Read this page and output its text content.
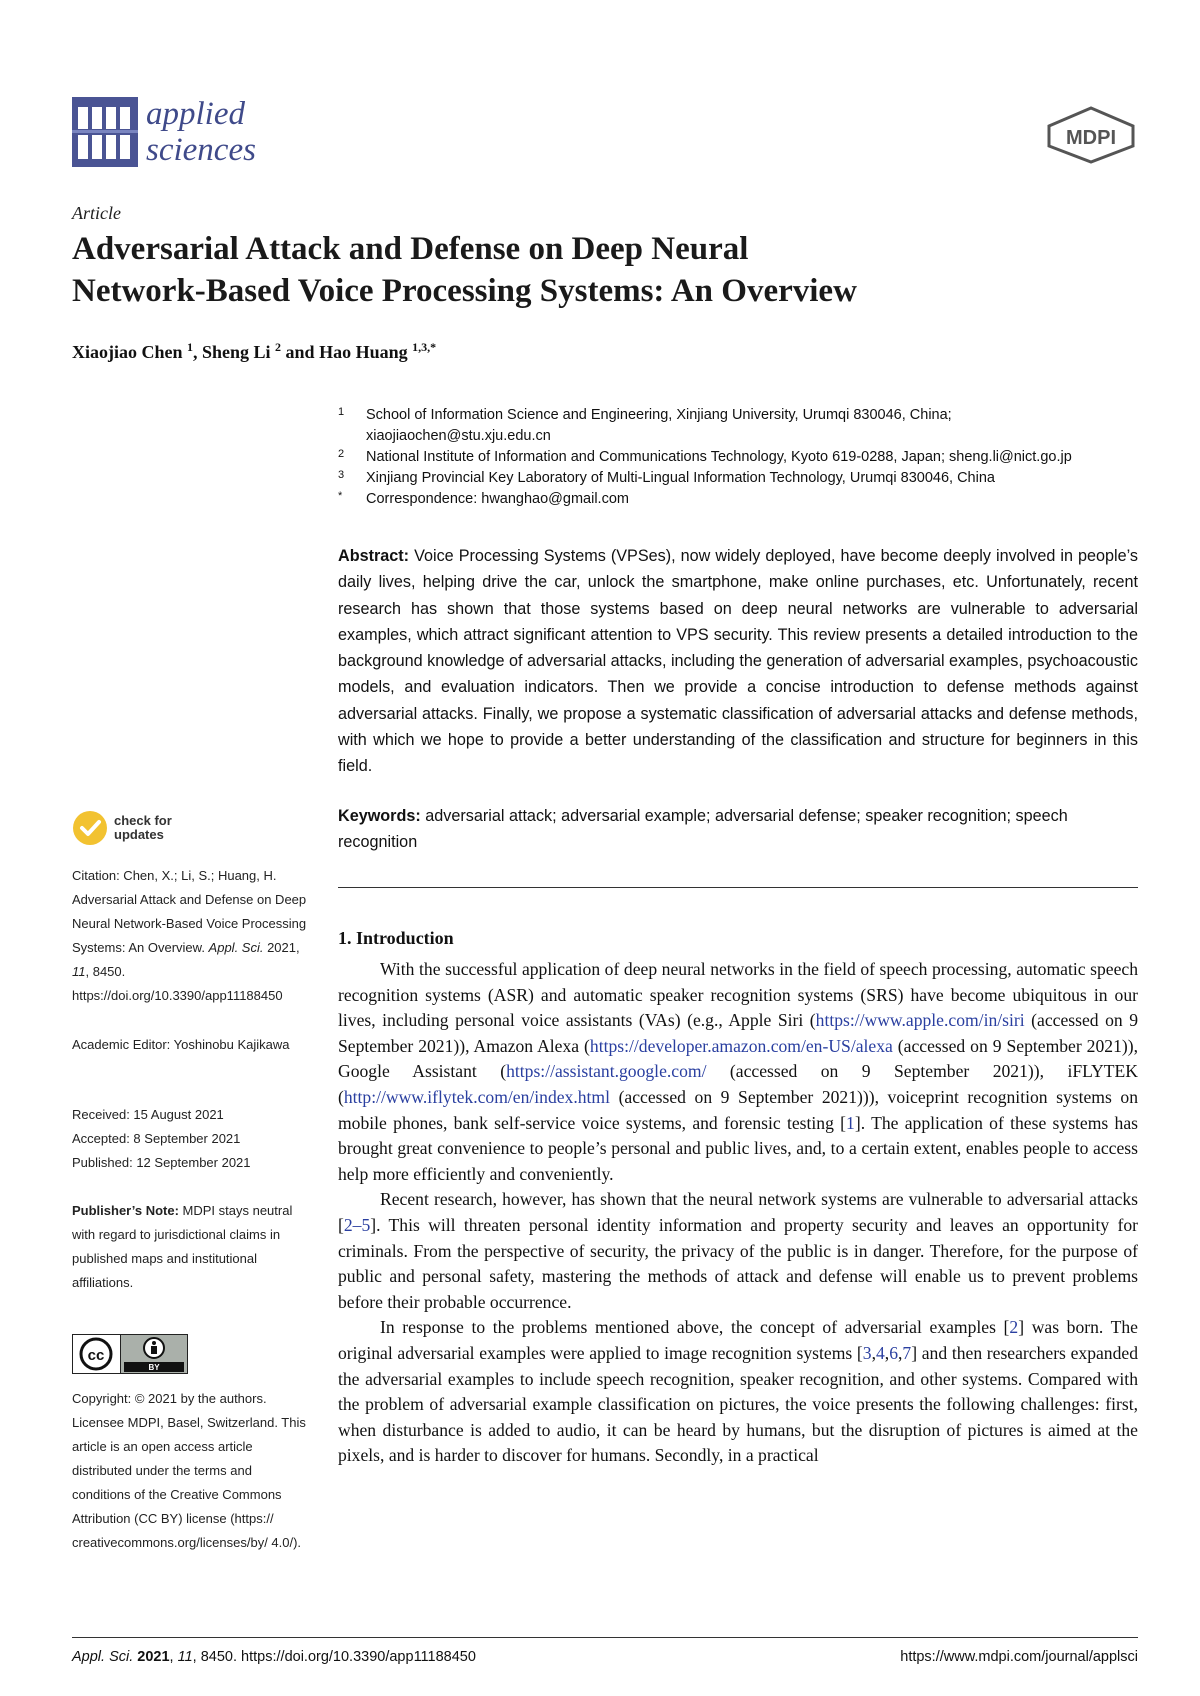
applied
sciences	MDPI
Article
Adversarial Attack and Defense on Deep Neural
Network-Based Voice Processing Systems: An Overview
Xiaojiao Chen $^1$, Sheng Li $^2$ and Hao Huang $^{1,3,*}$
1 School of Information Science and Engineering, Xinjiang University, Urumqi 830046, China; xiaojiaochen@stu.xju.edu.cn
2 National Institute of Information and Communications Technology, Kyoto 619-0288, Japan; sheng.li@nict.go.jp
3 Xinjiang Provincial Key Laboratory of Multi-Lingual Information Technology, Urumqi 830046, China
* Correspondence: hwanghao@gmail.com
Abstract: Voice Processing Systems (VPSes), now widely deployed, have become deeply involved in people’s daily lives, helping drive the car, unlock the smartphone, make online purchases, etc. Unfortunately, recent research has shown that those systems based on deep neural networks are vulnerable to adversarial examples, which attract significant attention to VPS security. This review presents a detailed introduction to the background knowledge of adversarial attacks, including the generation of adversarial examples, psychoacoustic models, and evaluation indicators. Then we provide a concise introduction to defense methods against adversarial attacks. Finally, we propose a systematic classification of adversarial attacks and defense methods, with which we hope to provide a better understanding of the classification and structure for beginners in this field.
Keywords: adversarial attack; adversarial example; adversarial defense; speaker recognition; speech recognition
1. Introduction

With the successful application of deep neural networks in the field of speech processing, automatic speech recognition systems (ASR) and automatic speaker recognition systems (SRS) have become ubiquitous in our lives, including personal voice assistants (VAs) (e.g., Apple Siri (https://www.apple.com/in/siri (accessed on 9 September 2021)), Amazon Alexa (https://developer.amazon.com/en-US/alexa (accessed on 9 September 2021)), Google Assistant (https://assistant.google.com/ (accessed on 9 September 2021)), iFLYTEK (http://www.iflytek.com/en/index.html (accessed on 9 September 2021))), voiceprint recognition systems on mobile phones, bank self-service voice systems, and forensic testing [1]. The application of these systems has brought great convenience to people’s personal and public lives, and, to a certain extent, enables people to access help more efficiently and conveniently.

Recent research, however, has shown that the neural network systems are vulnerable to adversarial attacks [2–5]. This will threaten personal identity information and property security and leaves an opportunity for criminals. From the perspective of security, the privacy of the public is in danger. Therefore, for the purpose of public and personal safety, mastering the methods of attack and defense will enable us to prevent problems before their probable occurrence.

In response to the problems mentioned above, the concept of adversarial examples [2] was born. The original adversarial examples were applied to image recognition systems [3,4,6,7] and then researchers expanded the adversarial examples to include speech recognition, speaker recognition, and other systems. Compared with the problem of adversarial example classification on pictures, the voice presents the following challenges: first, when disturbance is added to audio, it can be heard by humans, but the disruption of pictures is aimed at the pixels, and is harder to discover for humans. Secondly, in a practical

check for
updates
Citation: Chen, X.; Li, S.; Huang, H. Adversarial Attack and Defense on Deep Neural Network-Based Voice Processing Systems: An Overview. Appl. Sci. 2021, 11, 8450. https://doi.org/10.3390/app11188450
Academic Editor: Yoshinobu Kajikawa
Received: 15 August 2021
Accepted: 8 September 2021
Published: 12 September 2021
Publisher’s Note: MDPI stays neutral with regard to jurisdictional claims in published maps and institutional affiliations.
cc
BY
Copyright: © 2021 by the authors. Licensee MDPI, Basel, Switzerland. This article is an open access article distributed under the terms and conditions of the Creative Commons Attribution (CC BY) license (https:// creativecommons.org/licenses/by/ 4.0/).
Appl. Sci. 2021, 11, 8450. https://doi.org/10.3390/app11188450	https://www.mdpi.com/journal/applsci
